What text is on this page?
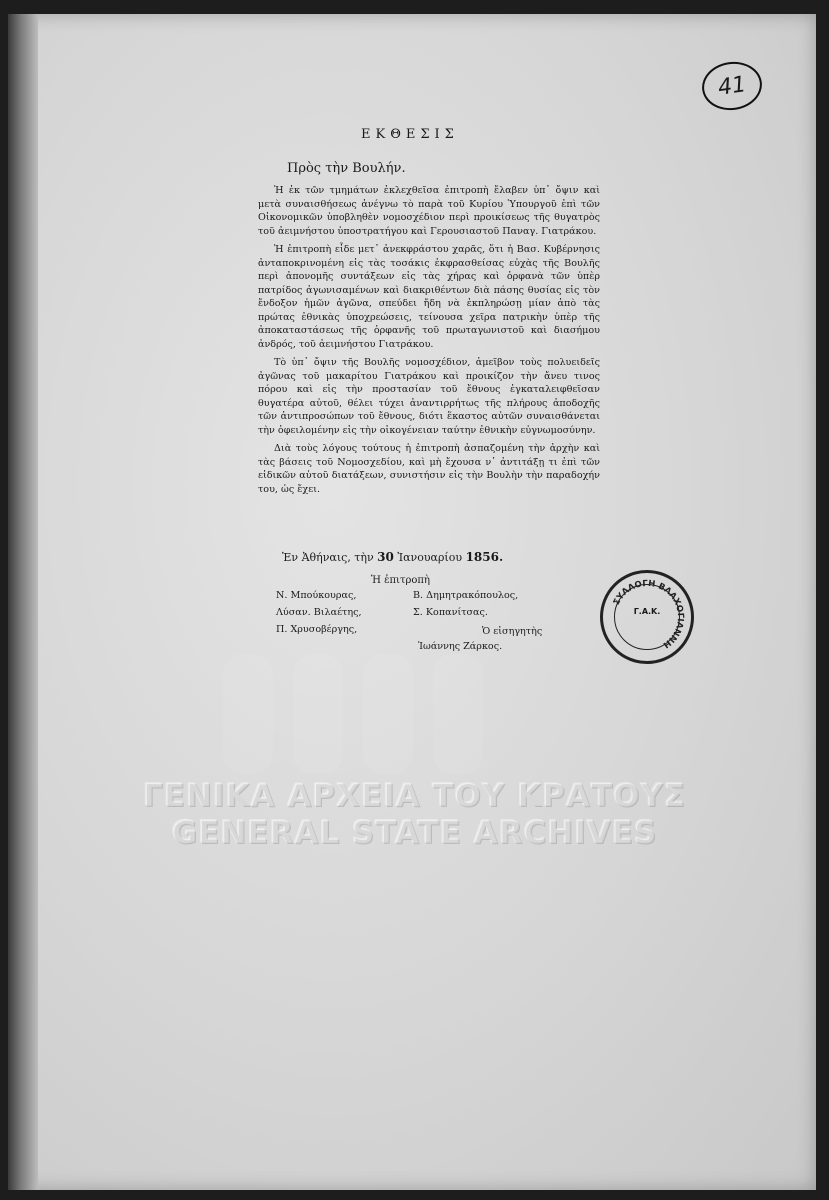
41
ΕΚΘΕΣΙΣ
Πρὸς τὴν Βουλήν.

Ἡ ἐκ τῶν τμημάτων ἐκλεχθεῖσα ἐπιτροπὴ ἔλαβεν ὑπ᾿ ὄψιν καὶ μετὰ συναισθήσεως ἀνέγνω τὸ παρὰ τοῦ Κυρίου Ὑπουργοῦ ἐπὶ τῶν Οἰκονομικῶν ὑποβληθὲν νομοσχέδιον περὶ προικίσεως τῆς θυγατρὸς τοῦ ἀειμνήστου ὑποστρατήγου καὶ Γερουσιαστοῦ Παναγ. Γιατράκου.

Ἡ ἐπιτροπὴ εἶδε μετ᾿ ἀνεκφράστου χαρᾶς, ὅτι ἡ Βασ. Κυβέρνησις ἀνταποκρινομένη εἰς τὰς τοσάκις ἐκφρασθείσας εὐχὰς τῆς Βουλῆς περὶ ἀπονομῆς συντάξεων εἰς τὰς χήρας καὶ ὀρφανὰ τῶν ὑπὲρ πατρίδος ἀγωνισαμένων καὶ διακριθέντων διὰ πάσης θυσίας εἰς τὸν ἔνδοξον ἡμῶν ἀγῶνα, σπεύδει ἤδη νὰ ἐκπληρώσῃ μίαν ἀπὸ τὰς πρώτας ἐθνικὰς ὑποχρεώσεις, τείνουσα χεῖρα πατρικὴν ὑπὲρ τῆς ἀποκαταστάσεως τῆς ὀρφανῆς τοῦ πρωταγωνιστοῦ καὶ διασήμου ἀνδρός, τοῦ ἀειμνήστου Γιατράκου.

Τὸ ὑπ᾿ ὄψιν τῆς Βουλῆς νομοσχέδιον, ἀμεῖβον τοὺς πολυειδεῖς ἀγῶνας τοῦ μακαρίτου Γιατράκου καὶ προικίζον τὴν ἄνευ τινος πόρου καὶ εἰς τὴν προστασίαν τοῦ ἔθνους ἐγκαταλειφθεῖσαν θυγατέρα αὐτοῦ, θέλει τύχει ἀναντιρρήτως τῆς πλήρους ἀποδοχῆς τῶν ἀντιπροσώπων τοῦ ἔθνους, διότι ἕκαστος αὐτῶν συναισθάνεται τὴν ὀφειλομένην εἰς τὴν οἰκογένειαν ταύτην ἐθνικὴν εὐγνωμοσύνην.

Διὰ τοὺς λόγους τούτους ἡ ἐπιτροπὴ ἀσπαζομένη τὴν ἀρχὴν καὶ τὰς βάσεις τοῦ Νομοσχεδίου, καὶ μὴ ἔχουσα ν᾿ ἀντιτάξῃ τι ἐπὶ τῶν εἰδικῶν αὐτοῦ διατάξεων, συνιστήσιν εἰς τὴν Βουλὴν τὴν παραδοχήν του, ὡς ἔχει.

Ἐν Ἀθήναις, τὴν 30 Ἰανουαρίου 1856.
Ἡ ἐπιτροπὴ
Ν. Μπούκουρας,
Λύσαν. Βιλαέτης,
Π. Χρυσοβέργης,
Β. Δημητρακόπουλος,
Σ. Κοπανίτσας.
Ὁ εἰσηγητὴς
Ἰωάννης Ζάρκος.
ΣΥΛΛΟΓΗ ΒΛΑΧΟΓΙΑΝΝΗ
Γ.Α.Κ.
ΓΕΝΙΚΑ ΑΡΧΕΙΑ ΤΟΥ ΚΡΑΤΟΥΣ
GENERAL STATE ARCHIVES
